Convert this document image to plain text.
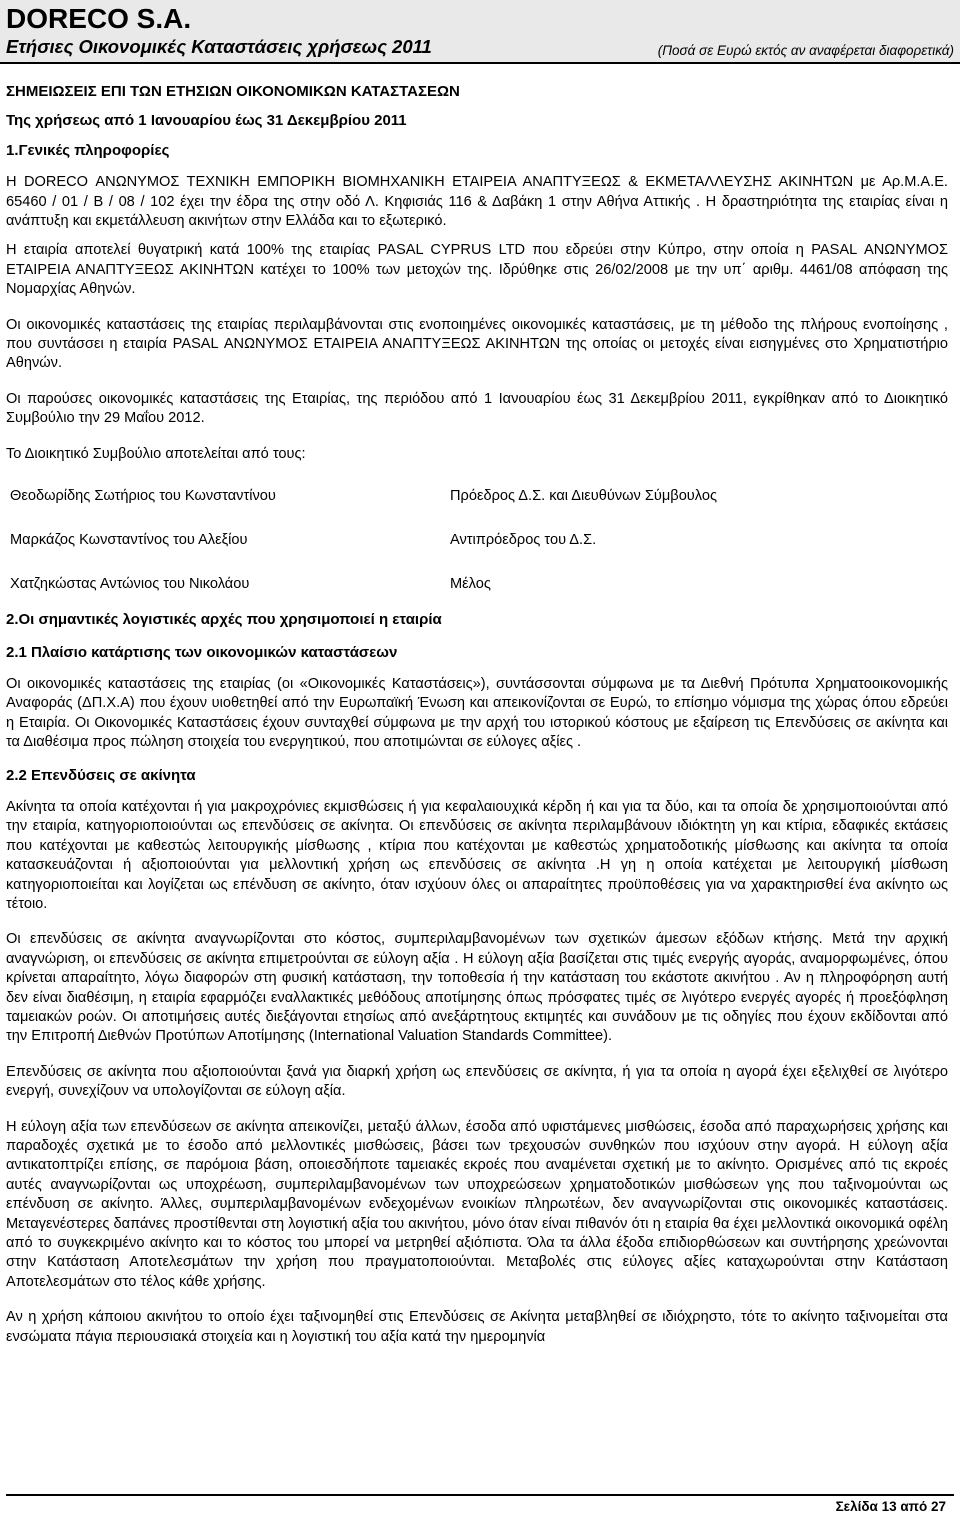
DORECO S.A.
Ετήσιες Οικονομικές Καταστάσεις χρήσεως 2011	(Ποσά σε Ευρώ εκτός αν αναφέρεται διαφορετικά)

ΣΗΜΕΙΩΣΕΙΣ ΕΠΙ ΤΩΝ ΕΤΗΣΙΩΝ ΟΙΚΟΝΟΜΙΚΩΝ ΚΑΤΑΣΤΑΣΕΩΝ

Της χρήσεως από 1 Ιανουαρίου έως 31 Δεκεμβρίου 2011

1.Γενικές πληροφορίες

Η DORECO ΑΝΩΝΥΜΟΣ ΤΕΧΝΙΚΗ ΕΜΠΟΡΙΚΗ ΒΙΟΜΗΧΑΝΙΚΗ ΕΤΑΙΡΕΙΑ ΑΝΑΠΤΥΞΕΩΣ & ΕΚΜΕΤΑΛΛΕΥΣΗΣ ΑΚΙΝΗΤΩΝ με Αρ.Μ.Α.Ε. 65460 / 01 / Β / 08 / 102 έχει την έδρα της στην οδό Λ. Κηφισιάς 116 & Δαβάκη 1 στην Αθήνα Αττικής . Η δραστηριότητα της εταιρίας είναι η ανάπτυξη και εκμετάλλευση ακινήτων στην Ελλάδα και το εξωτερικό.

Η εταιρία αποτελεί θυγατρική κατά 100% της εταιρίας PASAL CYPRUS LTD που εδρεύει στην Κύπρο, στην οποία η PASAL ΑΝΩΝΥΜΟΣ ΕΤΑΙΡΕΙΑ ΑΝΑΠΤΥΞΕΩΣ ΑΚΙΝΗΤΩΝ κατέχει το 100% των μετοχών της. Ιδρύθηκε στις 26/02/2008 με την υπ΄ αριθμ. 4461/08 απόφαση της Νομαρχίας Αθηνών.

Οι οικονομικές καταστάσεις της εταιρίας περιλαμβάνονται στις ενοποιημένες οικονομικές καταστάσεις, με τη μέθοδο της πλήρους ενοποίησης , που συντάσσει η εταιρία PASAL ΑΝΩΝΥΜΟΣ ΕΤΑΙΡΕΙΑ ΑΝΑΠΤΥΞΕΩΣ ΑΚΙΝΗΤΩΝ της οποίας οι μετοχές είναι εισηγμένες στο Χρηματιστήριο Αθηνών.

Οι παρούσες οικονομικές καταστάσεις της Εταιρίας, της περιόδου από 1 Ιανουαρίου έως 31 Δεκεμβρίου 2011, εγκρίθηκαν από το Διοικητικό Συμβούλιο την 29 Μαΐου 2012.

Το Διοικητικό Συμβούλιο αποτελείται από τους:

Θεοδωρίδης Σωτήριος του Κωνσταντίνου	Πρόεδρος Δ.Σ. και Διευθύνων Σύμβουλος
Μαρκάζος Κωνσταντίνος του Αλεξίου	Αντιπρόεδρος του Δ.Σ.
Χατζηκώστας Αντώνιος του Νικολάου	Μέλος

2.Οι σημαντικές λογιστικές αρχές που χρησιμοποιεί η εταιρία

2.1 Πλαίσιο κατάρτισης των οικονομικών καταστάσεων

Οι οικονομικές καταστάσεις της εταιρίας (οι «Οικονομικές Καταστάσεις»), συντάσσονται σύμφωνα με τα Διεθνή Πρότυπα Χρηματοοικονομικής Αναφοράς (ΔΠ.Χ.Α) που έχουν υιοθετηθεί από την Ευρωπαϊκή Ένωση και απεικονίζονται σε Ευρώ, το επίσημο νόμισμα της χώρας όπου εδρεύει η Εταιρία. Οι Οικονομικές Καταστάσεις έχουν συνταχθεί σύμφωνα με την αρχή του ιστορικού κόστους με εξαίρεση τις Επενδύσεις σε ακίνητα και τα Διαθέσιμα προς πώληση στοιχεία του ενεργητικού, που αποτιμώνται σε εύλογες αξίες .

2.2 Επενδύσεις σε ακίνητα

Ακίνητα τα οποία κατέχονται ή για μακροχρόνιες εκμισθώσεις ή για κεφαλαιουχικά κέρδη ή και για τα δύο, και τα οποία δε χρησιμοποιούνται από την εταιρία, κατηγοριοποιούνται ως επενδύσεις σε ακίνητα. Οι επενδύσεις σε ακίνητα περιλαμβάνουν ιδιόκτητη γη και κτίρια, εδαφικές εκτάσεις που κατέχονται με καθεστώς λειτουργικής μίσθωσης , κτίρια που κατέχονται με καθεστώς χρηματοδοτικής μίσθωσης και ακίνητα τα οποία κατασκευάζονται ή αξιοποιούνται για μελλοντική χρήση ως επενδύσεις σε ακίνητα .Η γη η οποία κατέχεται με λειτουργική μίσθωση κατηγοριοποιείται και λογίζεται ως επένδυση σε ακίνητο, όταν ισχύουν όλες οι απαραίτητες προϋποθέσεις για να χαρακτηρισθεί ένα ακίνητο ως τέτοιο.

Οι επενδύσεις σε ακίνητα αναγνωρίζονται στο κόστος, συμπεριλαμβανομένων των σχετικών άμεσων εξόδων κτήσης. Μετά την αρχική αναγνώριση, οι επενδύσεις σε ακίνητα επιμετρούνται σε εύλογη αξία . Η εύλογη αξία βασίζεται στις τιμές ενεργής αγοράς, αναμορφωμένες, όπου κρίνεται απαραίτητο, λόγω διαφορών στη φυσική κατάσταση, την τοποθεσία ή την κατάσταση του εκάστοτε ακινήτου . Αν η πληροφόρηση αυτή δεν είναι διαθέσιμη, η εταιρία εφαρμόζει εναλλακτικές μεθόδους αποτίμησης όπως πρόσφατες τιμές σε λιγότερο ενεργές αγορές ή προεξόφληση ταμειακών ροών. Οι αποτιμήσεις αυτές διεξάγονται ετησίως από ανεξάρτητους εκτιμητές και συνάδουν με τις οδηγίες που έχουν εκδίδονται από την Επιτροπή Διεθνών Προτύπων Αποτίμησης (International Valuation Standards Committee).

Επενδύσεις σε ακίνητα που αξιοποιούνται ξανά για διαρκή χρήση ως επενδύσεις σε ακίνητα, ή για τα οποία η αγορά έχει εξελιχθεί σε λιγότερο ενεργή, συνεχίζουν να υπολογίζονται σε εύλογη αξία.

Η εύλογη αξία των επενδύσεων σε ακίνητα απεικονίζει, μεταξύ άλλων, έσοδα από υφιστάμενες μισθώσεις, έσοδα από παραχωρήσεις χρήσης και παραδοχές σχετικά με το έσοδο από μελλοντικές μισθώσεις, βάσει των τρεχουσών συνθηκών που ισχύουν στην αγορά. Η εύλογη αξία αντικατοπτρίζει επίσης, σε παρόμοια βάση, οποιεσδήποτε ταμειακές εκροές που αναμένεται σχετική με το ακίνητο. Ορισμένες από τις εκροές αυτές αναγνωρίζονται ως υποχρέωση, συμπεριλαμβανομένων των υποχρεώσεων χρηματοδοτικών μισθώσεων γης που ταξινομούνται ως επένδυση σε ακίνητο. Άλλες, συμπεριλαμβανομένων ενδεχομένων ενοικίων πληρωτέων, δεν αναγνωρίζονται στις οικονομικές καταστάσεις. Μεταγενέστερες δαπάνες προστίθενται στη λογιστική αξία του ακινήτου, μόνο όταν είναι πιθανόν ότι η εταιρία θα έχει μελλοντικά οικονομικά οφέλη από το συγκεκριμένο ακίνητο και το κόστος του μπορεί να μετρηθεί αξιόπιστα. Όλα τα άλλα έξοδα επιδιορθώσεων και συντήρησης χρεώνονται στην Κατάσταση Αποτελεσμάτων την χρήση που πραγματοποιούνται. Μεταβολές στις εύλογες αξίες καταχωρούνται στην Κατάσταση Αποτελεσμάτων στο τέλος κάθε χρήσης.

Αν η χρήση κάποιου ακινήτου το οποίο έχει ταξινομηθεί στις Επενδύσεις σε Ακίνητα μεταβληθεί σε ιδιόχρηστο, τότε το ακίνητο ταξινομείται στα ενσώματα πάγια περιουσιακά στοιχεία και η λογιστική του αξία κατά την ημερομηνία

Σελίδα 13 από 27
